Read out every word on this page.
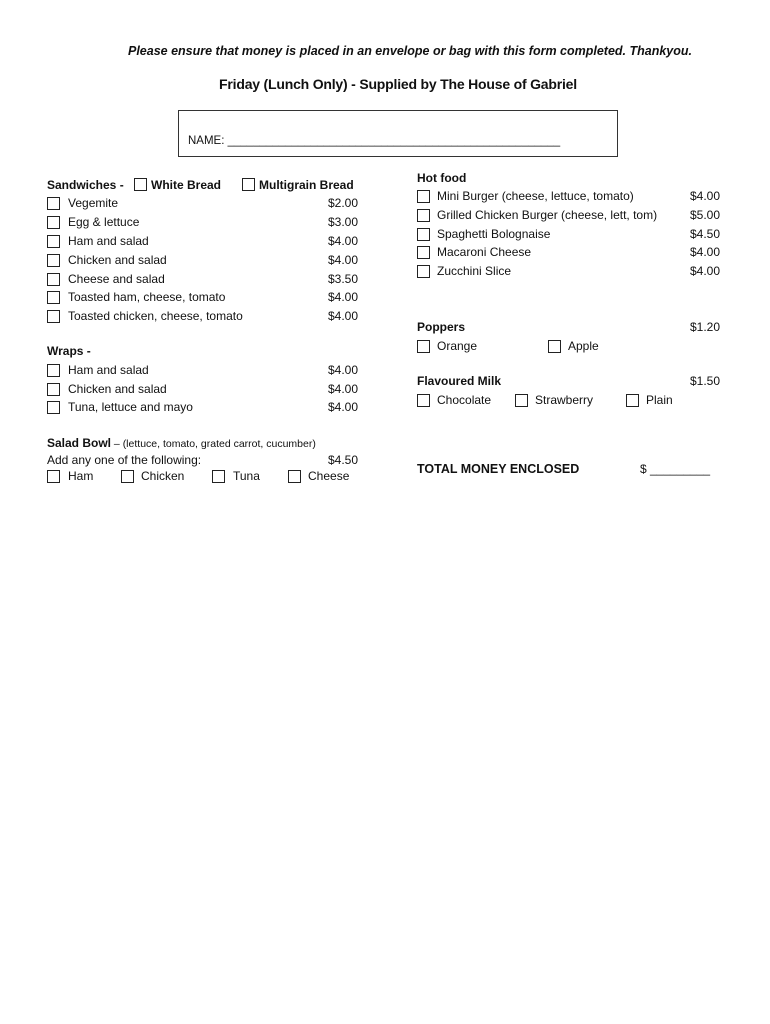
Please ensure that money is placed in an envelope or bag with this form completed. Thankyou.
Friday (Lunch Only) - Supplied by The House of Gabriel
NAME: ____________________________________________________
Sandwiches - White Bread	Multigrain Bread
Vegemite	$2.00
Egg & lettuce	$3.00
Ham and salad	$4.00
Chicken and salad	$4.00
Cheese and salad	$3.50
Toasted ham, cheese, tomato	$4.00
Toasted chicken, cheese, tomato	$4.00
Wraps -
Ham and salad	$4.00
Chicken and salad	$4.00
Tuna, lettuce and mayo	$4.00
Salad Bowl – (lettuce, tomato, grated carrot, cucumber)
Add any one of the following:	$4.50
Ham	Chicken	Tuna	Cheese
Hot food
Mini Burger (cheese, lettuce, tomato)	$4.00
Grilled Chicken Burger (cheese, lett, tom)	$5.00
Spaghetti Bolognaise	$4.50
Macaroni Cheese	$4.00
Zucchini Slice	$4.00
Poppers	$1.20
Orange	Apple
Flavoured Milk	$1.50
Chocolate	Strawberry	Plain
TOTAL MONEY ENCLOSED	$ _________
